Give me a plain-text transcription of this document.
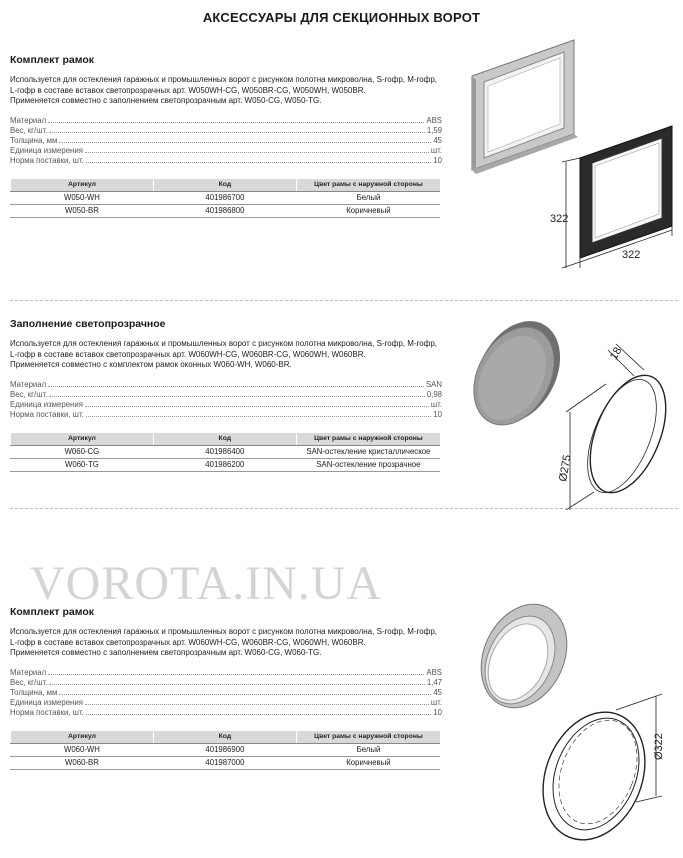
АКСЕССУАРЫ ДЛЯ СЕКЦИОННЫХ ВОРОТ
Комплект рамок

Используется для остекления гаражных и промышленных ворот с рисунком полотна микроволна, S-гофр, M-гофр, L-гофр в составе вставок светопрозрачных арт. W050WH-CG, W050BR-CG, W050WH, W050BR.

Применяется совместно с заполнением светопрозрачным арт. W050-CG, W050-TG.

Материал	ABS
Вес, кг/шт.	1,59
Толщина, мм	45
Единица измерения	шт.
Норма поставки, шт.	10
Артикул	Код	Цвет рамы с наружной стороны
W050-WH	401986700	Белый
W050-BR	401986800	Коричневый
322
322
Заполнение светопрозрачное

Используется для остекления гаражных и промышленных ворот с рисунком полотна микроволна, S-гофр, M-гофр, L-гофр в составе вставок светопрозрачных арт. W060WH-CG, W060BR-CG, W060WH, W060BR.

Применяется совместно с комплектом рамок оконных W060-WH, W060-BR.

Материал	SAN
Вес, кг/шт.	0,98
Единица измерения	шт.
Норма поставки, шт.	10
Артикул	Код	Цвет рамы с наружной стороны
W060-CG	401986400	SAN-остекление кристаллическое
W060-TG	401986200	SAN-остекление прозрачное
18
Ø275
VOROTA.IN.UA
Комплект рамок

Используется для остекления гаражных и промышленных ворот с рисунком полотна микроволна, S-гофр, M-гофр, L-гофр в составе вставок светопрозрачных арт. W060WH-CG, W060BR-CG, W060WH, W060BR.

Применяется совместно с заполнением светопрозрачным арт. W060-CG, W060-TG.

Материал	ABS
Вес, кг/шт.	1,47
Толщина, мм	45
Единица измерения	шт.
Норма поставки, шт.	10
Артикул	Код	Цвет рамы с наружной стороны
W060-WH	401986900	Белый
W060-BR	401987000	Коричневый
Ø322
